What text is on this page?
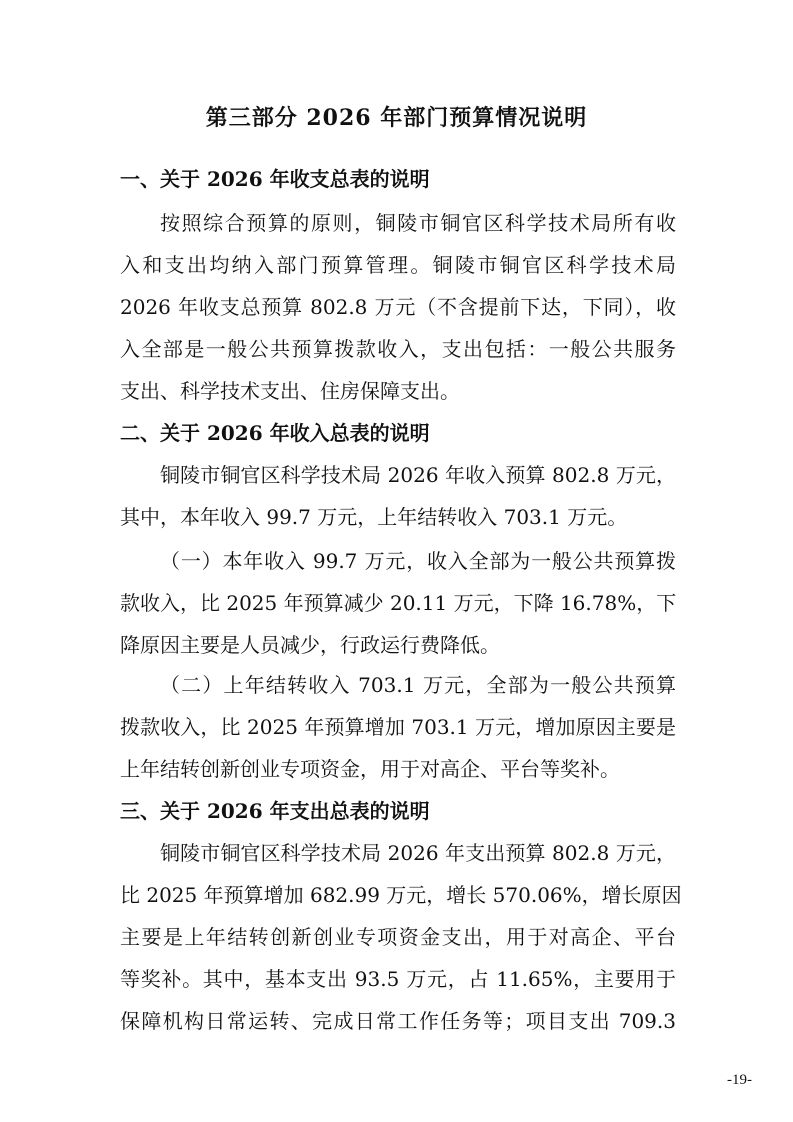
第三部分 2026 年部门预算情况说明
一、关于 2026 年收支总表的说明
按照综合预算的原则，铜陵市铜官区科学技术局所有收
入和支出均纳入部门预算管理。铜陵市铜官区科学技术局
2026 年收支总预算 802.8 万元（不含提前下达，下同），收
入全部是一般公共预算拨款收入，支出包括：一般公共服务
支出、科学技术支出、住房保障支出。
二、关于 2026 年收入总表的说明
铜陵市铜官区科学技术局 2026 年收入预算 802.8 万元，
其中，本年收入 99.7 万元，上年结转收入 703.1 万元。
（一）本年收入 99.7 万元，收入全部为一般公共预算拨
款收入，比 2025 年预算减少 20.11 万元，下降 16.78%，下
降原因主要是人员减少，行政运行费降低。
（二）上年结转收入 703.1 万元，全部为一般公共预算
拨款收入，比 2025 年预算增加 703.1 万元，增加原因主要是
上年结转创新创业专项资金，用于对高企、平台等奖补。
三、关于 2026 年支出总表的说明
铜陵市铜官区科学技术局 2026 年支出预算 802.8 万元，
比 2025 年预算增加 682.99 万元，增长 570.06%，增长原因
主要是上年结转创新创业专项资金支出，用于对高企、平台
等奖补。其中，基本支出 93.5 万元，占 11.65%，主要用于
保障机构日常运转、完成日常工作任务等；项目支出 709.3
-19-
